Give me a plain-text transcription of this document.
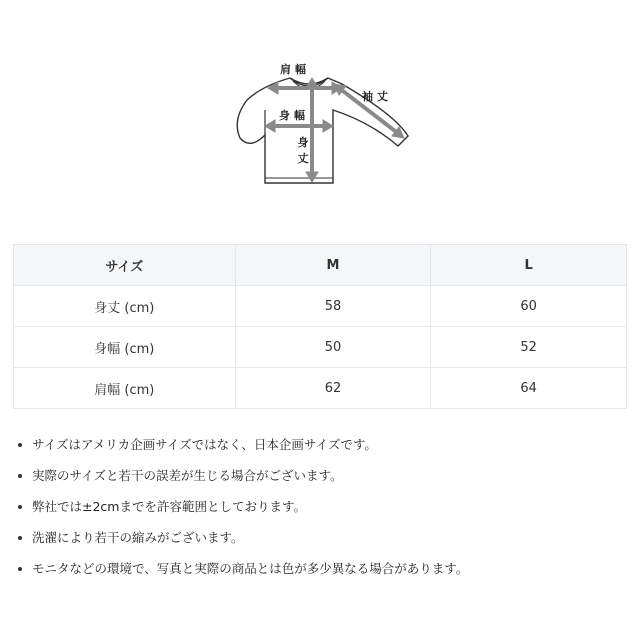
肩幅
袖丈
身幅
身
丈
サイズ	M	L
身丈 (cm)	58	60
身幅 (cm)	50	52
肩幅 (cm)	62	64
サイズはアメリカ企画サイズではなく、日本企画サイズです。
実際のサイズと若干の誤差が生じる場合がございます。
弊社では±2cmまでを許容範囲としております。
洗濯により若干の縮みがございます。
モニタなどの環境で、写真と実際の商品とは色が多少異なる場合があります。
